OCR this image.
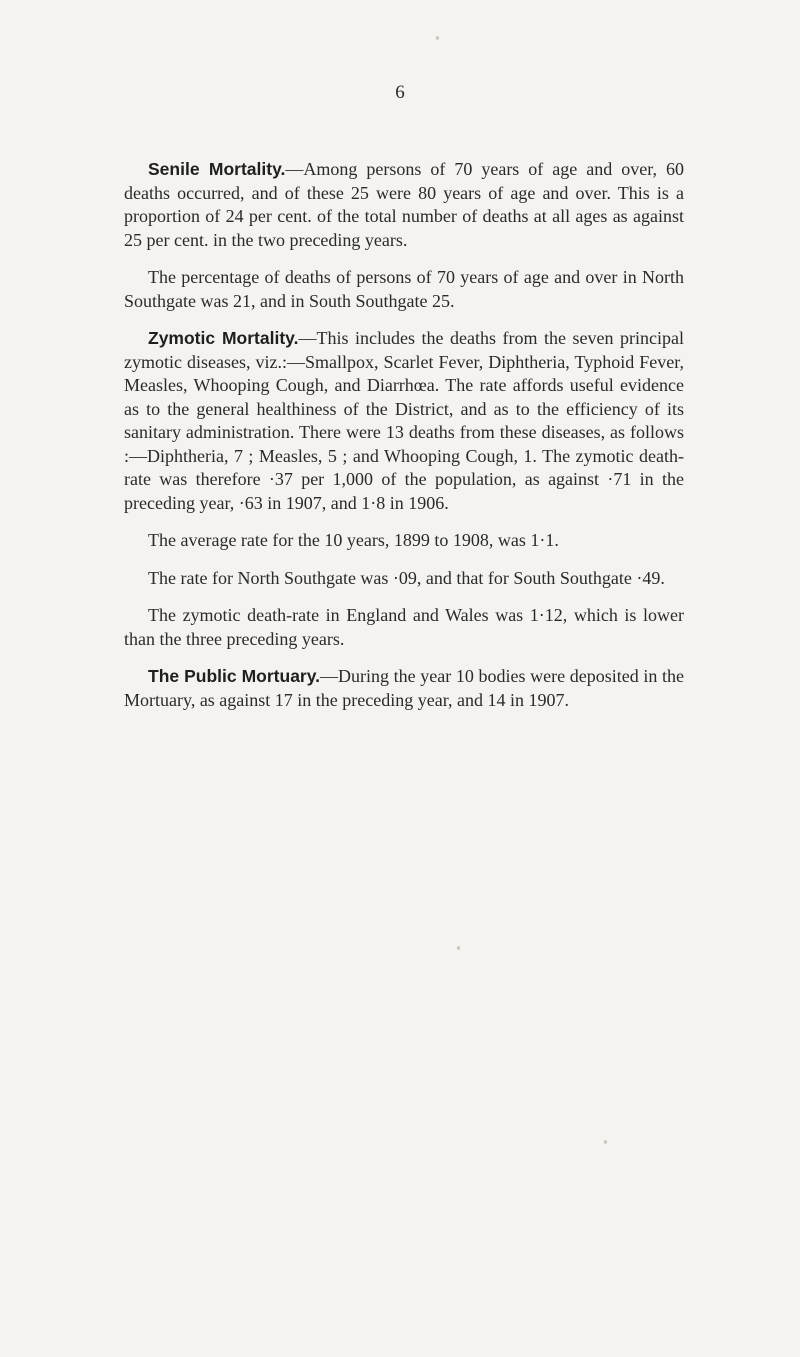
6

Senile Mortality.—Among persons of 70 years of age and over, 60 deaths occurred, and of these 25 were 80 years of age and over. This is a proportion of 24 per cent. of the total number of deaths at all ages as against 25 per cent. in the two preceding years.

The percentage of deaths of persons of 70 years of age and over in North Southgate was 21, and in South Southgate 25.

Zymotic Mortality.—This includes the deaths from the seven principal zymotic diseases, viz.:—Smallpox, Scarlet Fever, Diphtheria, Typhoid Fever, Measles, Whooping Cough, and Diarrhœa. The rate affords useful evidence as to the general healthiness of the District, and as to the efficiency of its sanitary administration. There were 13 deaths from these diseases, as follows :—Diphtheria, 7 ; Measles, 5 ; and Whooping Cough, 1. The zymotic death-rate was therefore ·37 per 1,000 of the population, as against ·71 in the preceding year, ·63 in 1907, and 1·8 in 1906.

The average rate for the 10 years, 1899 to 1908, was 1·1.

The rate for North Southgate was ·09, and that for South Southgate ·49.

The zymotic death-rate in England and Wales was 1·12, which is lower than the three preceding years.

The Public Mortuary.—During the year 10 bodies were deposited in the Mortuary, as against 17 in the preceding year, and 14 in 1907.
